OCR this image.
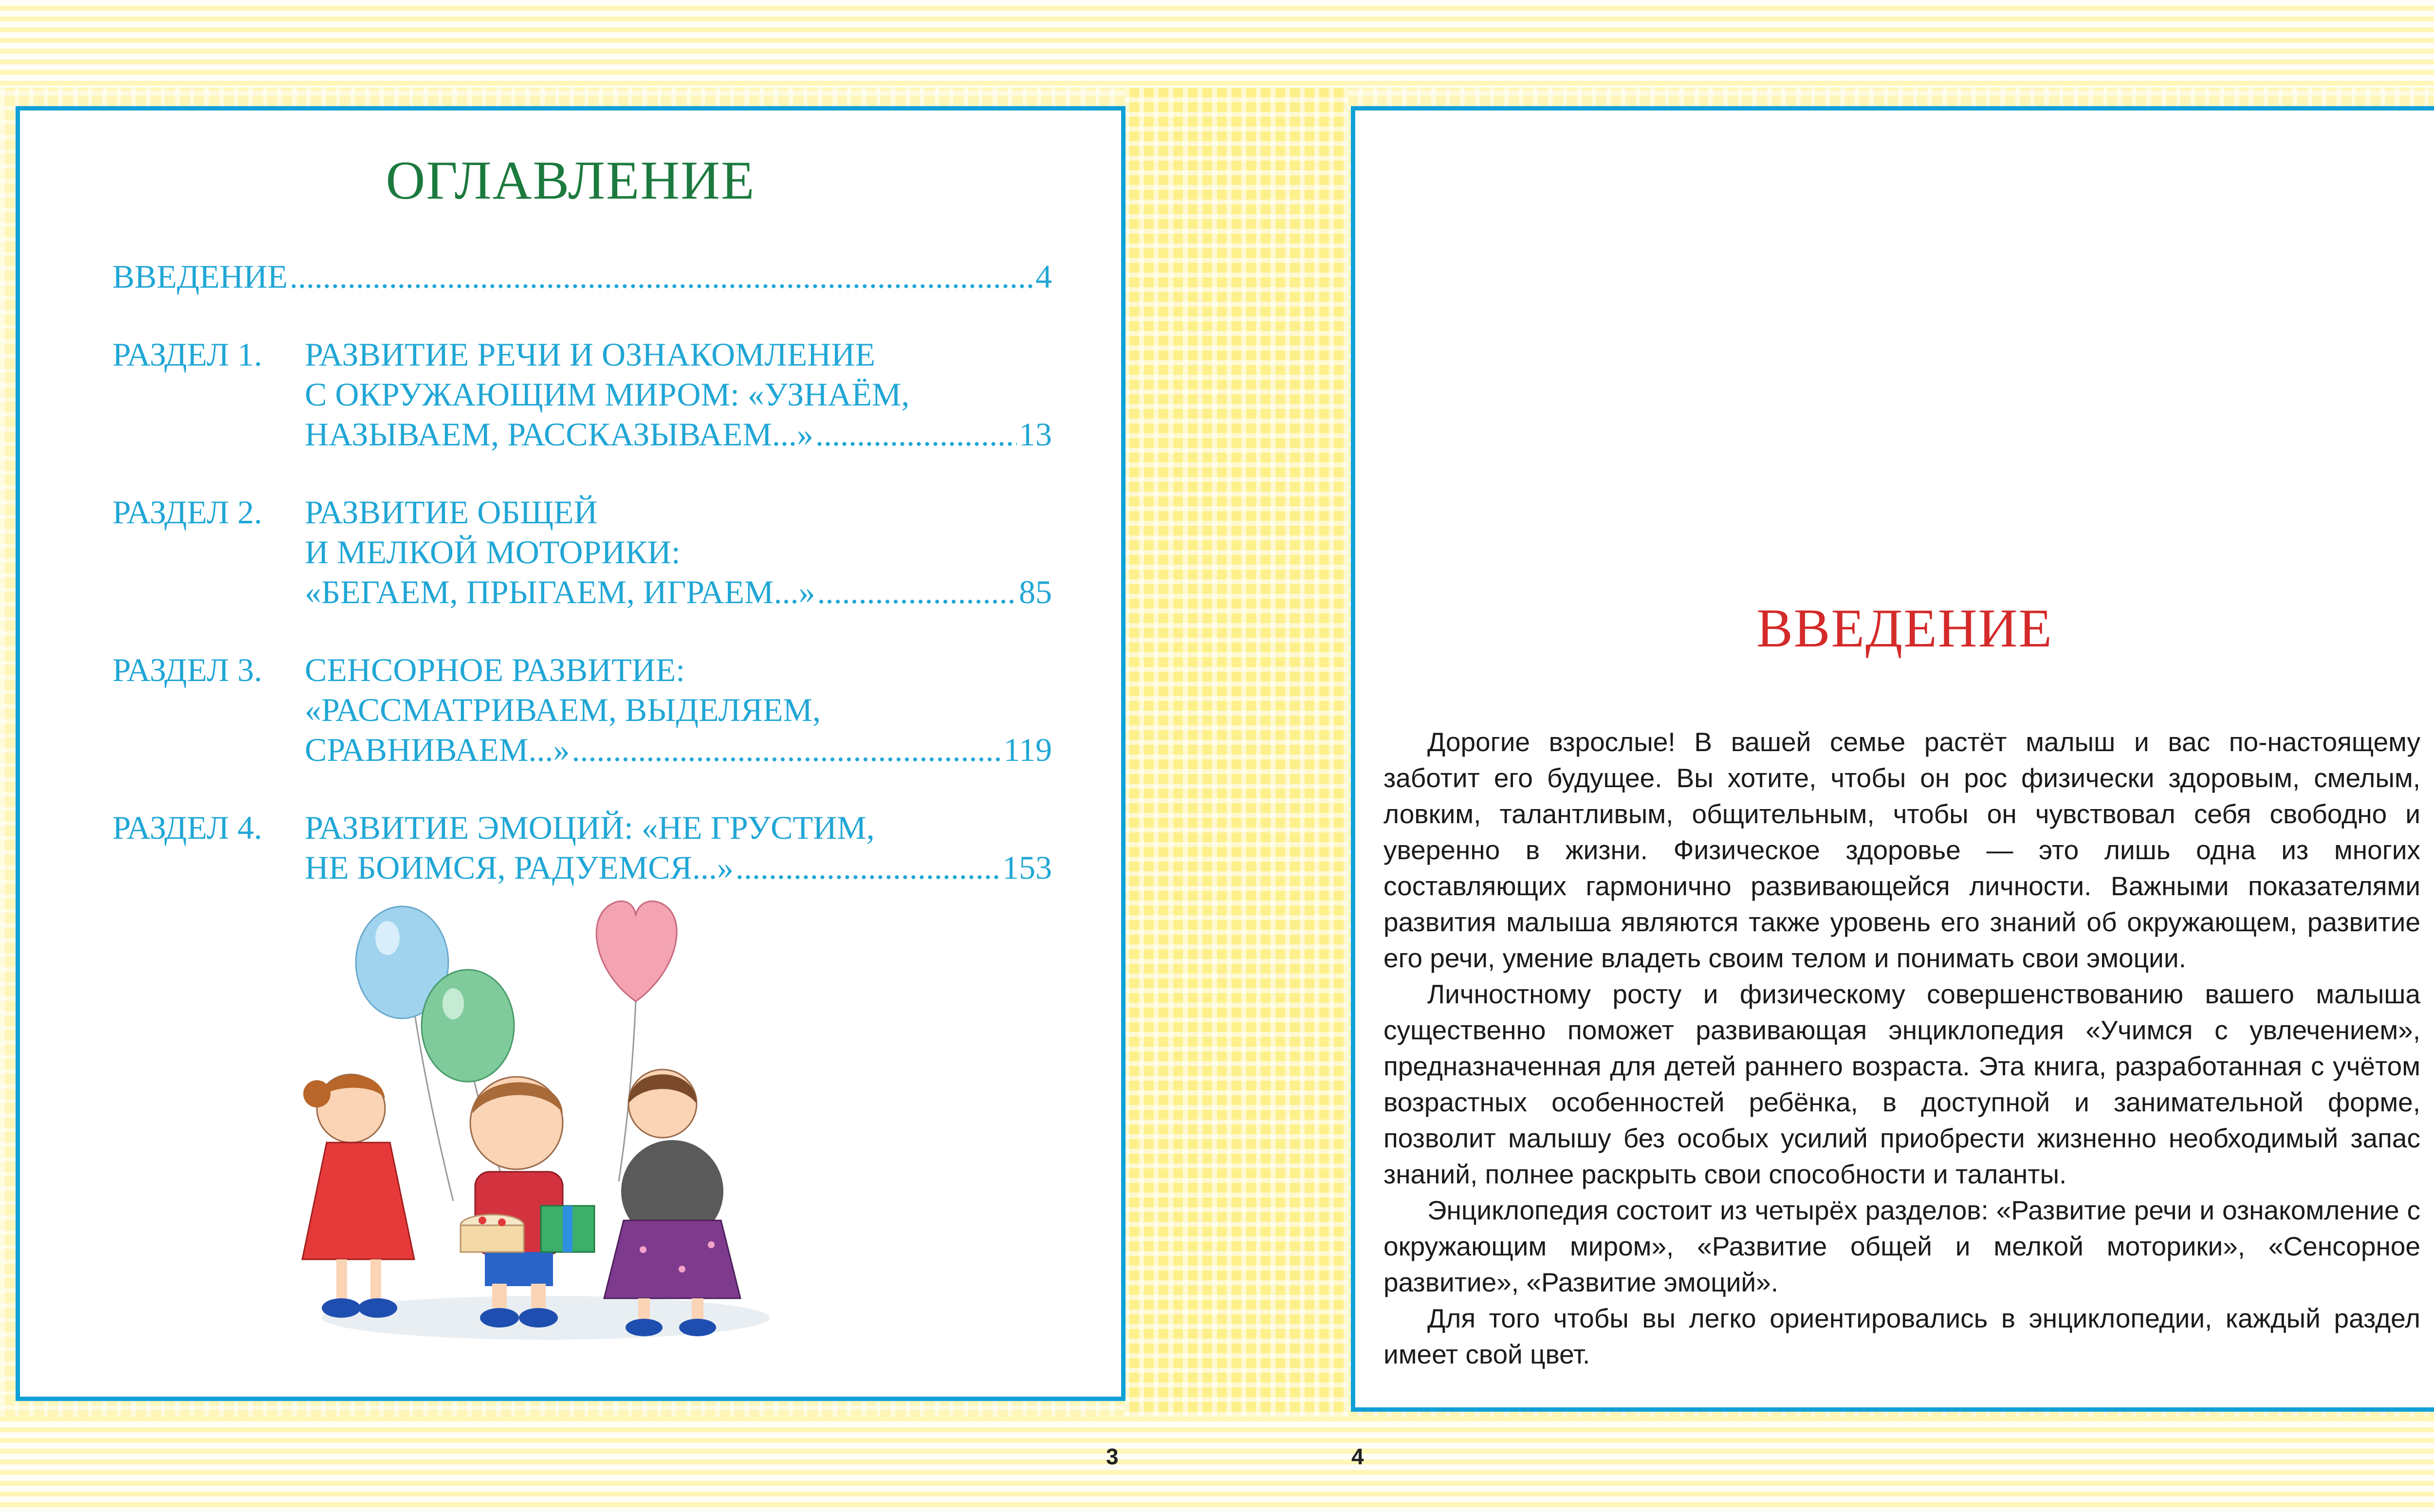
ОГЛАВЛЕНИЕ
ВВЕДЕНИЕ .....	4
РАЗДЕЛ 1.	РАЗВИТИЕ РЕЧИ И ОЗНАКОМЛЕНИЕ
С ОКРУЖАЮЩИМ МИРОМ: «УЗНАЁМ,
НАЗЫВАЕМ, РАССКАЗЫВАЕМ...» .....	13
РАЗДЕЛ 2.	РАЗВИТИЕ ОБЩЕЙ
И МЕЛКОЙ МОТОРИКИ:
«БЕГАЕМ, ПРЫГАЕМ, ИГРАЕМ...» .....	85
РАЗДЕЛ 3.	СЕНСОРНОЕ РАЗВИТИЕ:
«РАССМАТРИВАЕМ, ВЫДЕЛЯЕМ,
СРАВНИВАЕМ...» .....	119
РАЗДЕЛ 4.	РАЗВИТИЕ ЭМОЦИЙ: «НЕ ГРУСТИМ,
НЕ БОИМСЯ, РАДУЕМСЯ...» .....	153
ВВЕДЕНИЕ

Дорогие взрослые! В вашей семье растёт малыш и вас по-настоящему заботит его будущее. Вы хотите, чтобы он рос физически здоровым, смелым, ловким, талантливым, общительным, чтобы он чувствовал себя свободно и уверенно в жизни. Физическое здоровье — это лишь одна из многих составляющих гармонично развивающейся личности. Важными показателями развития малыша являются также уровень его знаний об окружающем, развитие его речи, умение владеть своим телом и понимать свои эмоции.

Личностному росту и физическому совершенствованию вашего малыша существенно поможет развивающая энциклопедия «Учимся с увлечением», предназначенная для детей раннего возраста. Эта книга, разработанная с учётом возрастных особенностей ребёнка, в доступной и занимательной форме, позволит малышу без особых усилий приобрести жизненно необходимый запас знаний, полнее раскрыть свои способности и таланты.

Энциклопедия состоит из четырёх разделов: «Развитие речи и ознакомление с окружающим миром», «Развитие общей и мелкой моторики», «Сенсорное развитие», «Развитие эмоций».

Для того чтобы вы легко ориентировались в энциклопедии, каждый раздел имеет свой цвет.

3	4
